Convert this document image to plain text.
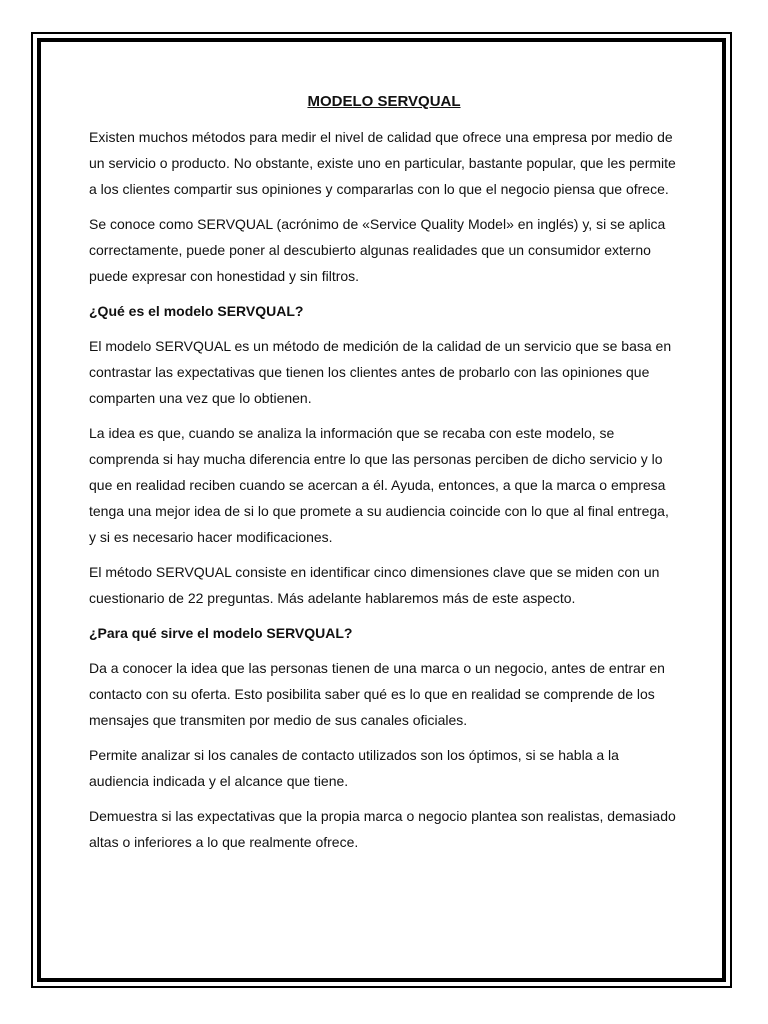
MODELO SERVQUAL

Existen muchos métodos para medir el nivel de calidad que ofrece una empresa por medio de un servicio o producto. No obstante, existe uno en particular, bastante popular, que les permite a los clientes compartir sus opiniones y compararlas con lo que el negocio piensa que ofrece.

Se conoce como SERVQUAL (acrónimo de «Service Quality Model» en inglés) y, si se aplica correctamente, puede poner al descubierto algunas realidades que un consumidor externo puede expresar con honestidad y sin filtros.

¿Qué es el modelo SERVQUAL?

El modelo SERVQUAL es un método de medición de la calidad de un servicio que se basa en contrastar las expectativas que tienen los clientes antes de probarlo con las opiniones que comparten una vez que lo obtienen.

La idea es que, cuando se analiza la información que se recaba con este modelo, se comprenda si hay mucha diferencia entre lo que las personas perciben de dicho servicio y lo que en realidad reciben cuando se acercan a él. Ayuda, entonces, a que la marca o empresa tenga una mejor idea de si lo que promete a su audiencia coincide con lo que al final entrega, y si es necesario hacer modificaciones.

El método SERVQUAL consiste en identificar cinco dimensiones clave que se miden con un cuestionario de 22 preguntas. Más adelante hablaremos más de este aspecto.

¿Para qué sirve el modelo SERVQUAL?

Da a conocer la idea que las personas tienen de una marca o un negocio, antes de entrar en contacto con su oferta. Esto posibilita saber qué es lo que en realidad se comprende de los mensajes que transmiten por medio de sus canales oficiales.

Permite analizar si los canales de contacto utilizados son los óptimos, si se habla a la audiencia indicada y el alcance que tiene.

Demuestra si las expectativas que la propia marca o negocio plantea son realistas, demasiado altas o inferiores a lo que realmente ofrece.
